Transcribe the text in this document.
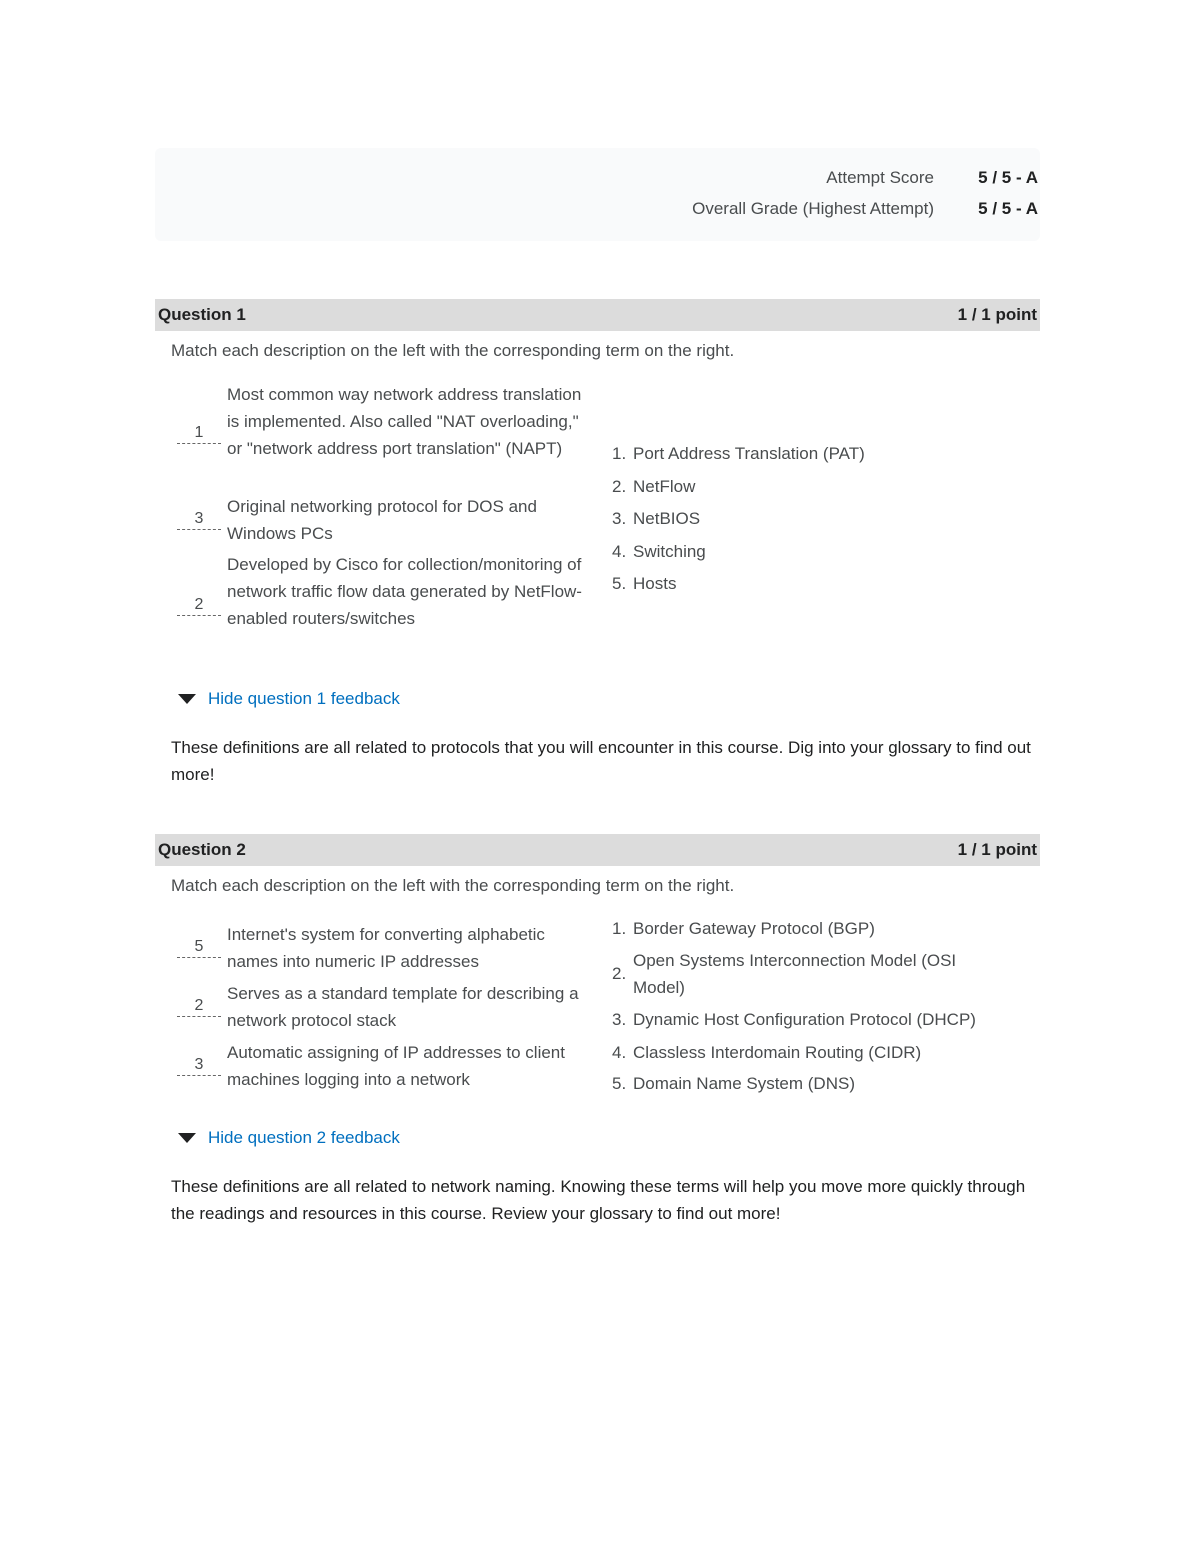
Attempt Score	5 / 5 - A
Overall Grade (Highest Attempt)	5 / 5 - A
Question 1	1 / 1 point
Match each description on the left with the corresponding term on the right.
1
Most common way network address translation is implemented. Also called "NAT overloading," or "network address port translation" (NAPT)
3
Original networking protocol for DOS and Windows PCs
2
Developed by Cisco for collection/monitoring of network traffic flow data generated by NetFlow-enabled routers/switches
1. Port Address Translation (PAT)
2. NetFlow
3. NetBIOS
4. Switching
5. Hosts
Hide question 1 feedback
These definitions are all related to protocols that you will encounter in this course. Dig into your glossary to find out more!
Question 2	1 / 1 point
Match each description on the left with the corresponding term on the right.
5
Internet's system for converting alphabetic names into numeric IP addresses
2
Serves as a standard template for describing a network protocol stack
3
Automatic assigning of IP addresses to client machines logging into a network
1. Border Gateway Protocol (BGP)
2.
Open Systems Interconnection Model (OSI Model)
3. Dynamic Host Configuration Protocol (DHCP)
4. Classless Interdomain Routing (CIDR)
5. Domain Name System (DNS)
Hide question 2 feedback
These definitions are all related to network naming. Knowing these terms will help you move more quickly through the readings and resources in this course. Review your glossary to find out more!
